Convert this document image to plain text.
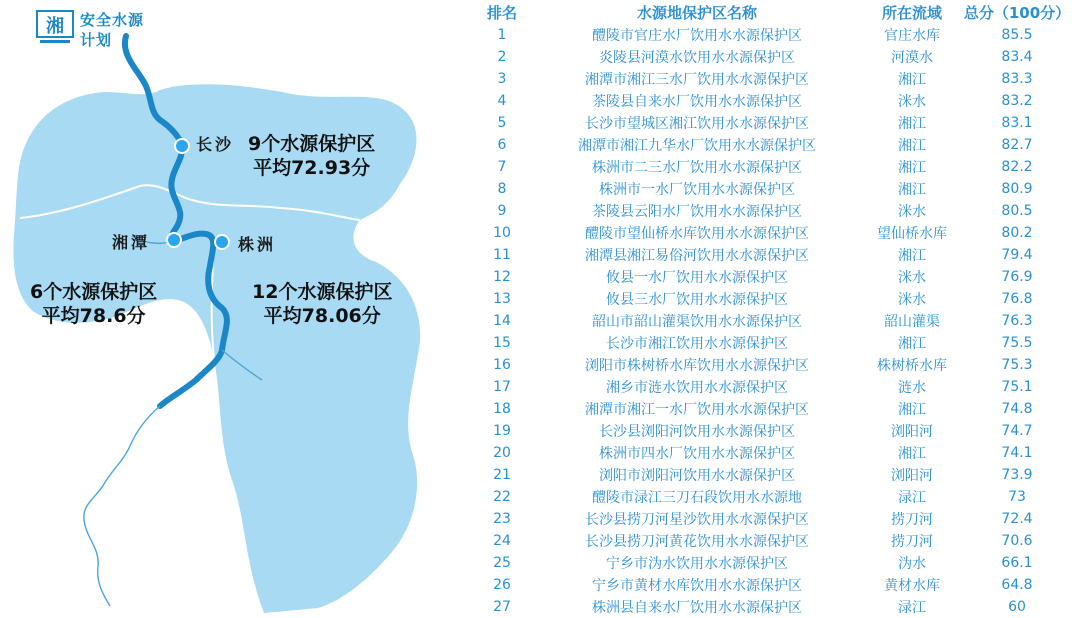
湘 安全水源
计划
长沙
湘潭	株洲
9个水源保护区
平均72.93分
6个水源保护区
平均78.6分
12个水源保护区
平均78.06分
排名	水源地保护区名称	所在流域	总分（100分）
1	醴陵市官庄水厂饮用水水源保护区	官庄水库	85.5
2	炎陵县河漠水饮用水水源保护区	河漠水	83.4
3	湘潭市湘江三水厂饮用水水源保护区	湘江	83.3
4	茶陵县自来水厂饮用水水源保护区	洣水	83.2
5	长沙市望城区湘江饮用水水源保护区	湘江	83.1
6	湘潭市湘江九华水厂饮用水水源保护区	湘江	82.7
7	株洲市二三水厂饮用水水源保护区	湘江	82.2
8	株洲市一水厂饮用水水源保护区	湘江	80.9
9	茶陵县云阳水厂饮用水水源保护区	洣水	80.5
10	醴陵市望仙桥水库饮用水水源保护区	望仙桥水库	80.2
11	湘潭县湘江易俗河饮用水水源保护区	湘江	79.4
12	攸县一水厂饮用水水源保护区	洣水	76.9
13	攸县三水厂饮用水水源保护区	洣水	76.8
14	韶山市韶山灌渠饮用水水源保护区	韶山灌渠	76.3
15	长沙市湘江饮用水水源保护区	湘江	75.5
16	浏阳市株树桥水库饮用水水源保护区	株树桥水库	75.3
17	湘乡市涟水饮用水水源保护区	涟水	75.1
18	湘潭市湘江一水厂饮用水水源保护区	湘江	74.8
19	长沙县浏阳河饮用水水源保护区	浏阳河	74.7
20	株洲市四水厂饮用水水源保护区	湘江	74.1
21	浏阳市浏阳河饮用水水源保护区	浏阳河	73.9
22	醴陵市渌江三刀石段饮用水水源地	渌江	73
23	长沙县捞刀河星沙饮用水水源保护区	捞刀河	72.4
24	长沙县捞刀河黄花饮用水水源保护区	捞刀河	70.6
25	宁乡市沩水饮用水水源保护区	沩水	66.1
26	宁乡市黄材水库饮用水水源保护区	黄材水库	64.8
27	株洲县自来水厂饮用水水源保护区	渌江	60
